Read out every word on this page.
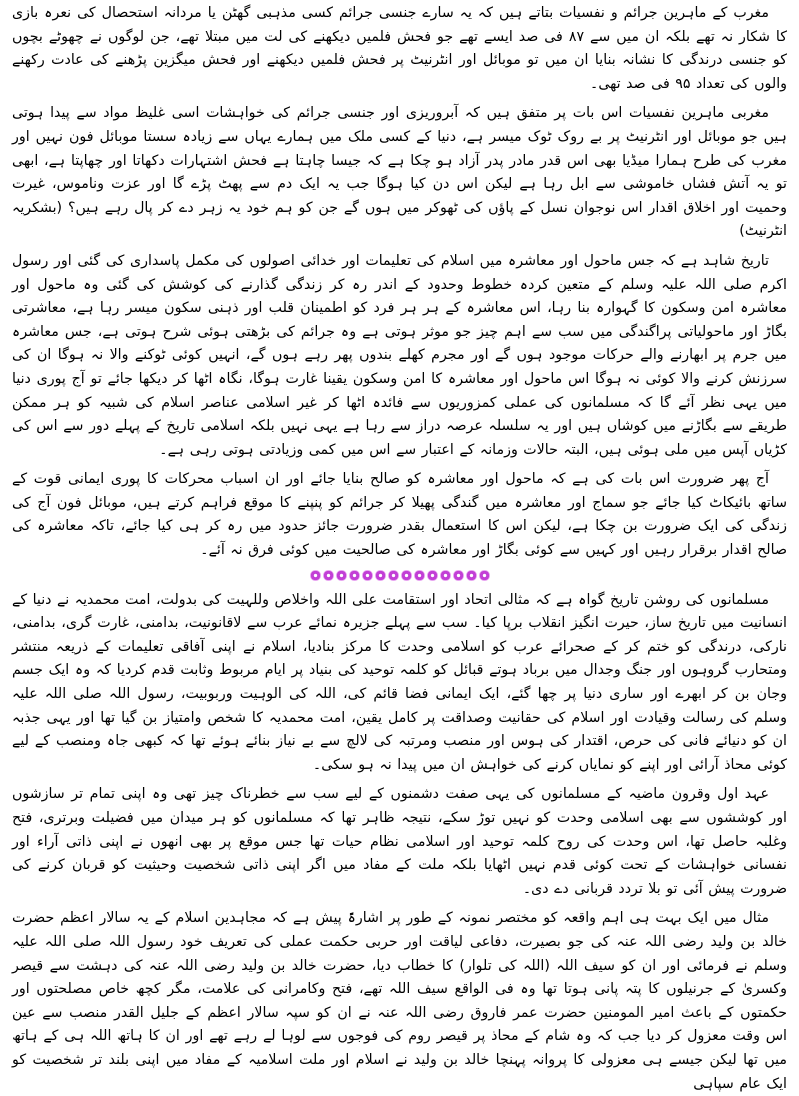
مغرب کے ماہرین جرائم و نفسیات بتاتے ہیں کہ یہ سارے جنسی جرائم کسی مذہبی گھٹن یا مردانہ استحصال کی نعرہ بازی کا شکار نہ تھے بلکہ ان میں سے ۸۷ فی صد ایسے تھے جو فحش فلمیں دیکھنے کی لت میں مبتلا تھے، جن لوگوں نے چھوٹے بچوں کو جنسی درندگی کا نشانہ بنایا ان میں تو موبائل اور انٹرنیٹ پر فحش فلمیں دیکھنے اور فحش میگزین پڑھنے کی عادت رکھنے والوں کی تعداد ۹۵ فی صد تھی۔

مغربی ماہرین نفسیات اس بات پر متفق ہیں کہ آبروریزی اور جنسی جرائم کی خواہشات اسی غلیظ مواد سے پیدا ہوتی ہیں جو موبائل اور انٹرنیٹ پر بے روک ٹوک میسر ہے، دنیا کے کسی ملک میں ہمارے یہاں سے زیادہ سستا موبائل فون نہیں اور مغرب کی طرح ہمارا میڈیا بھی اس قدر مادر پدر آزاد ہو چکا ہے کہ جیسا چاہتا ہے فحش اشتہارات دکھاتا اور چھاپتا ہے، ابھی تو یہ آتش فشاں خاموشی سے ابل رہا ہے لیکن اس دن کیا ہوگا جب یہ ایک دم سے پھٹ پڑے گا اور عزت وناموس، غیرت وحمیت اور اخلاق اقدار اس نوجوان نسل کے پاؤں کی ٹھوکر میں ہوں گے جن کو ہم خود یہ زہر دے کر پال رہے ہیں؟ (بشکریہ انٹرنیٹ)

تاریخ شاہد ہے کہ جس ماحول اور معاشرہ میں اسلام کی تعلیمات اور خدائی اصولوں کی مکمل پاسداری کی گئی اور رسول اکرم صلی اللہ علیہ وسلم کے متعین کردہ خطوط وحدود کے اندر رہ کر زندگی گذارنے کی کوشش کی گئی وہ ماحول اور معاشرہ امن وسکون کا گہوارہ بنا رہا، اس معاشرہ کے ہر ہر فرد کو اطمینان قلب اور ذہنی سکون میسر رہا ہے، معاشرتی بگاڑ اور ماحولیاتی پراگندگی میں سب سے اہم چیز جو موثر ہوتی ہے وہ جرائم کی بڑھتی ہوئی شرح ہوتی ہے، جس معاشرہ میں جرم پر ابھارنے والے حرکات موجود ہوں گے اور مجرم کھلے بندوں پھر رہے ہوں گے، انہیں کوئی ٹوکنے والا نہ ہوگا ان کی سرزنش کرنے والا کوئی نہ ہوگا اس ماحول اور معاشرہ کا امن وسکون یقینا غارت ہوگا، نگاہ اٹھا کر دیکھا جائے تو آج پوری دنیا میں یہی نظر آئے گا کہ مسلمانوں کی عملی کمزوریوں سے فائدہ اٹھا کر غیر اسلامی عناصر اسلام کی شبیہ کو ہر ممکن طریقے سے بگاڑنے میں کوشاں ہیں اور یہ سلسلہ عرصہ دراز سے رہا ہے یہی نہیں بلکہ اسلامی تاریخ کے پہلے دور سے اس کی کڑیاں آپس میں ملی ہوئی ہیں، البتہ حالات وزمانہ کے اعتبار سے اس میں کمی وزیادتی ہوتی رہی ہے۔

آج پھر ضرورت اس بات کی ہے کہ ماحول اور معاشرہ کو صالح بنایا جائے اور ان اسباب محرکات کا پوری ایمانی قوت کے ساتھ بائیکاٹ کیا جائے جو سماج اور معاشرہ میں گندگی پھیلا کر جرائم کو پنپنے کا موقع فراہم کرتے ہیں، موبائل فون آج کی زندگی کی ایک ضرورت بن چکا ہے، لیکن اس کا استعمال بقدر ضرورت جائز حدود میں رہ کر ہی کیا جائے، تاکہ معاشرہ کی صالح اقدار برقرار رہیں اور کہیں سے کوئی بگاڑ اور معاشرہ کی صالحیت میں کوئی فرق نہ آئے۔

مسلمانوں کی روشن تاریخ گواہ ہے کہ مثالی اتحاد اور استقامت علی اللہ واخلاص وللہیت کی بدولت، امت محمدیہ نے دنیا کے انسانیت میں تاریخ ساز، حیرت انگیز انقلاب برپا کیا۔ سب سے پہلے جزیرہ نمائے عرب سے لاقانونیت، بدامنی، غارت گری، بدامنی، نارکی، درندگی کو ختم کر کے صحرائے عرب کو اسلامی وحدت کا مرکز بنادیا، اسلام نے اپنی آفاقی تعلیمات کے ذریعہ منتشر ومتحارب گروہوں اور جنگ وجدال میں برباد ہوتے قبائل کو کلمہ توحید کی بنیاد پر ایام مربوط وثابت قدم کردیا کہ وہ ایک جسم وجان بن کر ابھرے اور ساری دنیا پر چھا گئے، ایک ایمانی فضا قائم کی، اللہ کی الوہیت وربوبیت، رسول اللہ صلی اللہ علیہ وسلم کی رسالت وقیادت اور اسلام کی حقانیت وصداقت پر کامل یقین، امت محمدیہ کا شخص وامتیاز بن گیا تھا اور یہی جذبہ ان کو دنیائے فانی کی حرص، اقتدار کی ہوس اور منصب ومرتبہ کی لالچ سے بے نیاز بنائے ہوئے تھا کہ کبھی جاہ ومنصب کے لیے کوئی محاذ آرائی اور اپنے کو نمایاں کرنے کی خواہش ان میں پیدا نہ ہو سکی۔

عہد اول وقرون ماضیہ کے مسلمانوں کی یہی صفت دشمنوں کے لیے سب سے خطرناک چیز تھی وہ اپنی تمام تر سازشوں اور کوششوں سے بھی اسلامی وحدت کو نہیں توڑ سکے، نتیجہ ظاہر تھا کہ مسلمانوں کو ہر میدان میں فضیلت وبرتری، فتح وغلبہ حاصل تھا، اس وحدت کی روح کلمہ توحید اور اسلامی نظام حیات تھا جس موقع پر بھی انھوں نے اپنی ذاتی آراء اور نفسانی خواہشات کے تحت کوئی قدم نہیں اٹھایا بلکہ ملت کے مفاد میں اگر اپنی ذاتی شخصیت وحیثیت کو قربان کرنے کی ضرورت پیش آئی تو بلا تردد قربانی دے دی۔

مثال میں ایک بہت ہی اہم واقعہ کو مختصر نمونہ کے طور پر اشارۃً پیش ہے کہ مجاہدین اسلام کے یہ سالار اعظم حضرت خالد بن ولید رضی اللہ عنہ کی جو بصیرت، دفاعی لیاقت اور حربی حکمت عملی کی تعریف خود رسول اللہ صلی اللہ علیہ وسلم نے فرمائی اور ان کو سیف اللہ (اللہ کی تلوار) کا خطاب دیا، حضرت خالد بن ولید رضی اللہ عنہ کی دہشت سے قیصر وکسریٰ کے جرنیلوں کا پتہ پانی ہوتا تھا وہ فی الواقع سیف اللہ تھے، فتح وکامرانی کی علامت، مگر کچھ خاص مصلحتوں اور حکمتوں کے باعث امیر المومنین حضرت عمر فاروق رضی اللہ عنہ نے ان کو سپہ سالار اعظم کے جلیل القدر منصب سے عین اس وقت معزول کر دیا جب کہ وہ شام کے محاذ پر قیصر روم کی فوجوں سے لوہا لے رہے تھے اور ان کا ہاتھ اللہ ہی کے ہاتھ میں تھا لیکن جیسے ہی معزولی کا پروانہ پہنچا خالد بن ولید نے اسلام اور ملت اسلامیہ کے مفاد میں اپنی بلند تر شخصیت کو ایک عام سپاہی
